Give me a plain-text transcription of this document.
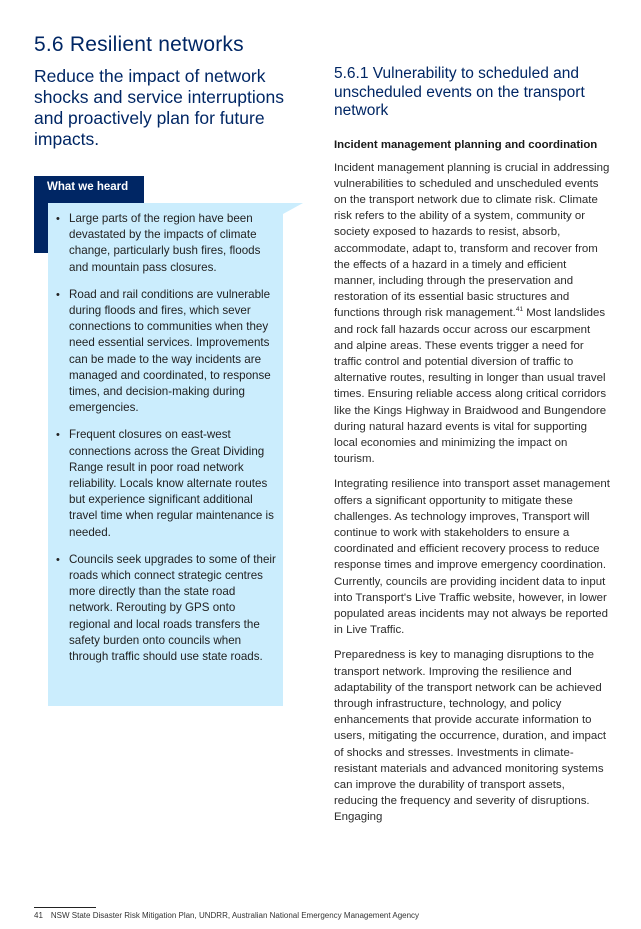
5.6 Resilient networks

Reduce the impact of network shocks and service interruptions and proactively plan for future impacts.

What we heard

• Large parts of the region have been devastated by the impacts of climate change, particularly bush fires, floods and mountain pass closures.
• Road and rail conditions are vulnerable during floods and fires, which sever connections to communities when they need essential services. Improvements can be made to the way incidents are managed and coordinated, to response times, and decision-making during emergencies.
• Frequent closures on east-west connections across the Great Dividing Range result in poor road network reliability. Locals know alternate routes but experience significant additional travel time when regular maintenance is needed.
• Councils seek upgrades to some of their roads which connect strategic centres more directly than the state road network. Rerouting by GPS onto regional and local roads transfers the safety burden onto councils when through traffic should use state roads.
5.6.1 Vulnerability to scheduled and unscheduled events on the transport network
Incident management planning and coordination

Incident management planning is crucial in addressing vulnerabilities to scheduled and unscheduled events on the transport network due to climate risk. Climate risk refers to the ability of a system, community or society exposed to hazards to resist, absorb, accommodate, adapt to, transform and recover from the effects of a hazard in a timely and efficient manner, including through the preservation and restoration of its essential basic structures and functions through risk management.$^{41}$ Most landslides and rock fall hazards occur across our escarpment and alpine areas. These events trigger a need for traffic control and potential diversion of traffic to alternative routes, resulting in longer than usual travel times. Ensuring reliable access along critical corridors like the Kings Highway in Braidwood and Bungendore during natural hazard events is vital for supporting local economies and minimizing the impact on tourism.

Integrating resilience into transport asset management offers a significant opportunity to mitigate these challenges. As technology improves, Transport will continue to work with stakeholders to ensure a coordinated and efficient recovery process to reduce response times and improve emergency coordination. Currently, councils are providing incident data to input into Transport's Live Traffic website, however, in lower populated areas incidents may not always be reported in Live Traffic.

Preparedness is key to managing disruptions to the transport network. Improving the resilience and adaptability of the transport network can be achieved through infrastructure, technology, and policy enhancements that provide accurate information to users, mitigating the occurrence, duration, and impact of shocks and stresses. Investments in climate-resistant materials and advanced monitoring systems can improve the durability of transport assets, reducing the frequency and severity of disruptions. Engaging

41 NSW State Disaster Risk Mitigation Plan, UNDRR, Australian National Emergency Management Agency
